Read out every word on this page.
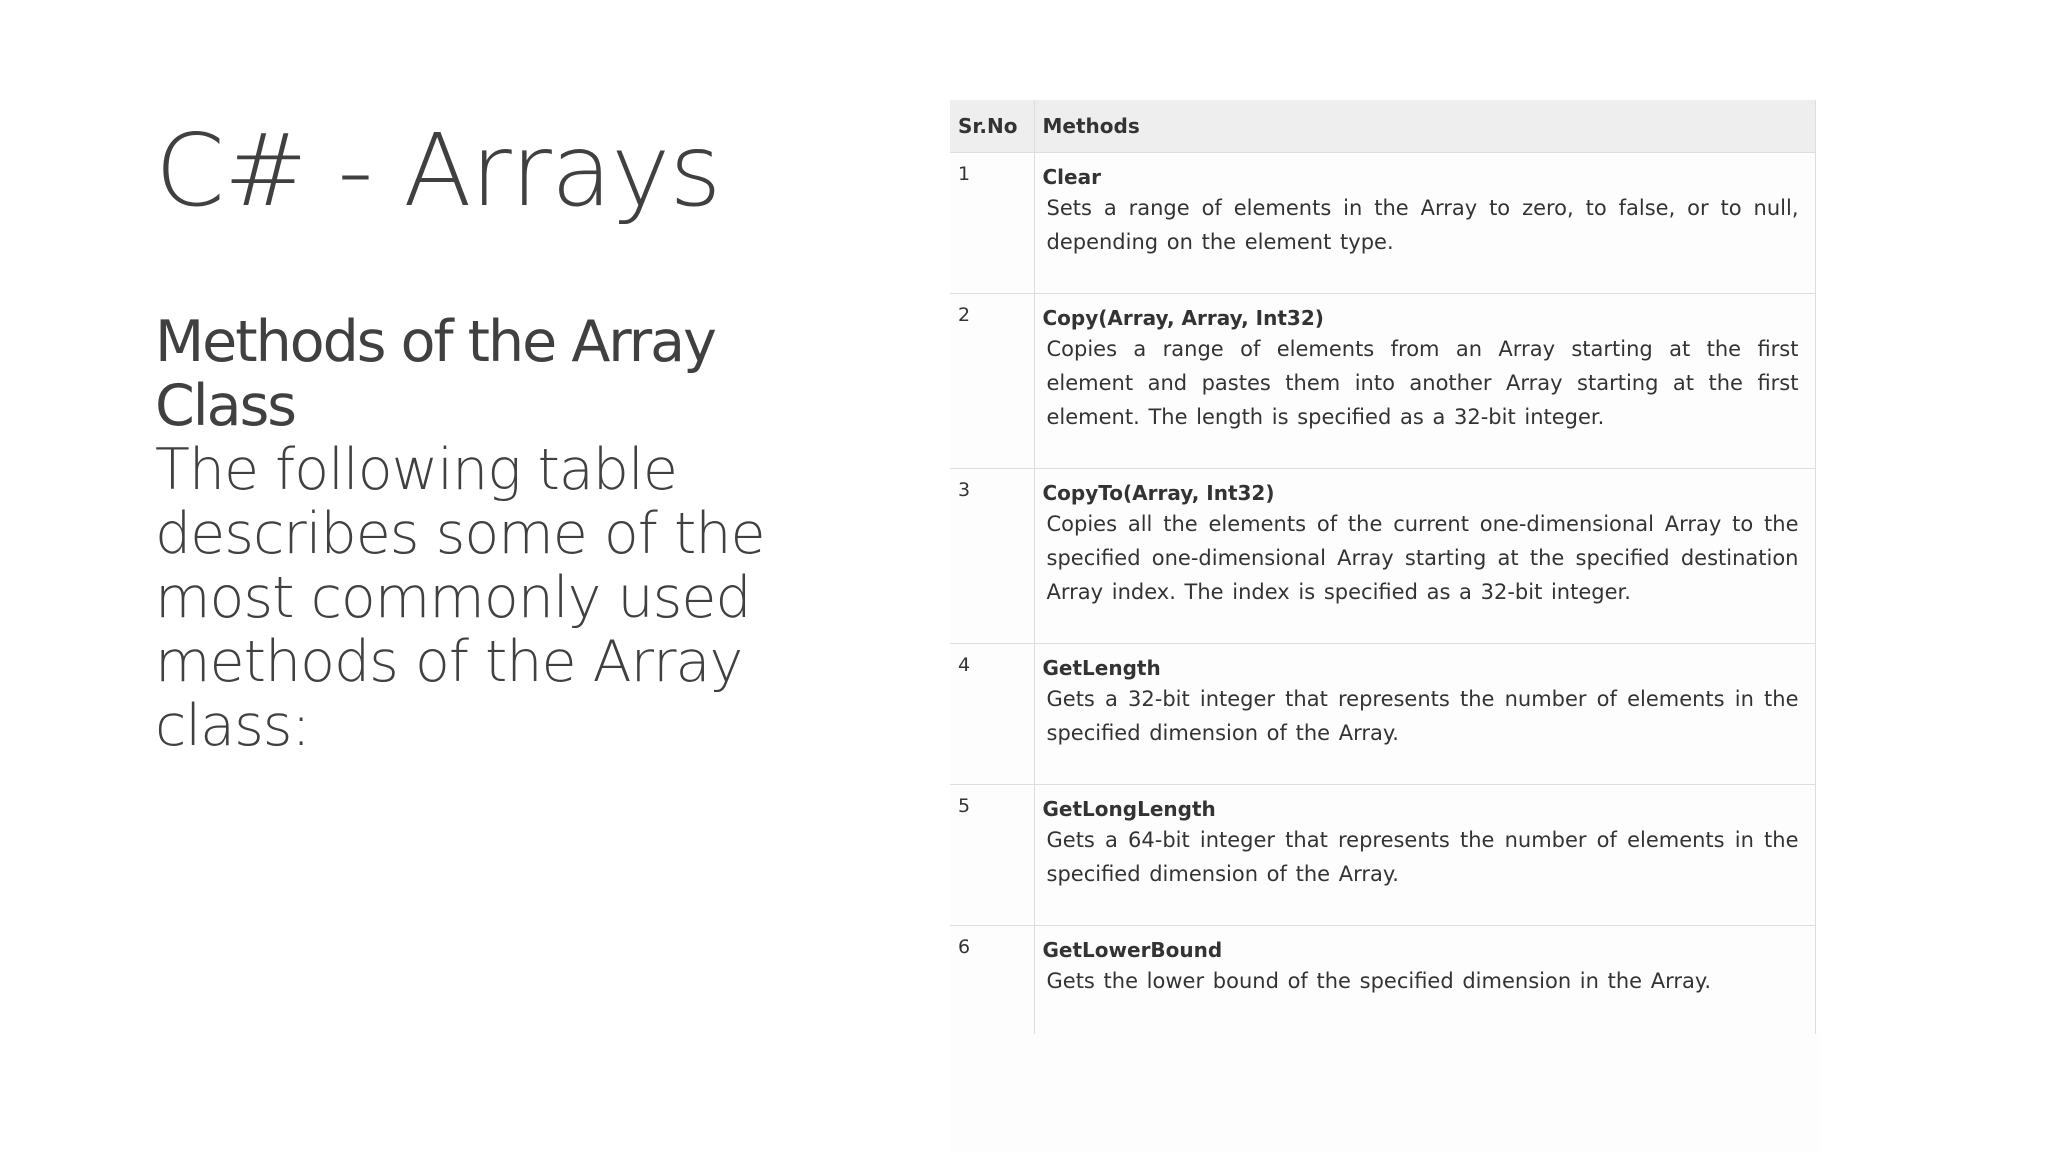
C# - Arrays
Methods of the Array Class

The following table describes some of the most commonly used methods of the Array class:

Sr.No	Methods
1	Clear
Sets a range of elements in the Array to zero, to false, or to null, depending on the element type.

2	Copy(Array, Array, Int32)
Copies a range of elements from an Array starting at the first element and pastes them into another Array starting at the first element. The length is specified as a 32-bit integer.

3	CopyTo(Array, Int32)
Copies all the elements of the current one-dimensional Array to the specified one-dimensional Array starting at the specified destination Array index. The index is specified as a 32-bit integer.

4	GetLength
Gets a 32-bit integer that represents the number of elements in the specified dimension of the Array.

5	GetLongLength
Gets a 64-bit integer that represents the number of elements in the specified dimension of the Array.

6	GetLowerBound
Gets the lower bound of the specified dimension in the Array.
